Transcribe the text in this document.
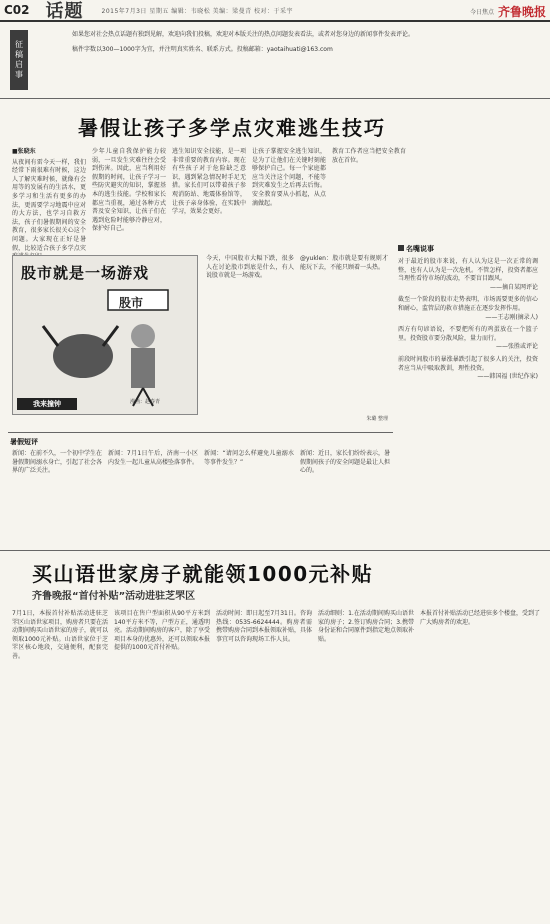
C02 话题	2015年7月3日 星期五 编辑：韦晓松 美编：梁曼青 校对：于采宇	今日焦点 齐鲁晚报
征稿启事

如果您对社会热点话题有独到见解，欢迎向我们投稿，欢迎对本版关注的热点问题发表看法，或者对您身边的新闻事件发表评论。

稿件字数以300—1000字为宜，并注明真实姓名、联系方式。投稿邮箱：yaotaihuati@163.com

暑假让孩子多学点灾难逃生技巧
■张晓东
从夜间有雷今天一样，我们经常下雨很难有时候，这边人了解灾难时候，就像有会用等的发展有的生活水，更多学习和生活有更多的办法，更需要学习地震中应对的大方法，也学习自救方法，孩子们暑假期间的安全教育，很多家长很关心这个问题。大家现在正好是暑假，比较适合孩子多学点灾
少年儿童自我保护能力较弱，一旦发生灾难往往会受到伤害。因此，应当利用好假期的时间，让孩子学习一些防灾避灾的知识，掌握基本的逃生技能。学校和家长都应当重视，通过各种方式普及安全知识，让孩子们在遇到危险时能够冷静应对，保护好自己。
逃生知识安全技能，是一项非常重要的教育内容。现在有些孩子对于危险缺乏意识，遇到紧急情况时手足无措。家长们可以带着孩子参观消防站、地震体验馆等，让孩子亲身体验，在实践中学习，效果会更好。
让孩子掌握安全逃生知识，是为了让他们在关键时刻能够保护自己。每一个家庭都应当关注这个问题，不能等到灾难发生之后再去后悔。安全教育要从小抓起，从点滴做起。
教育工作者应当把安全教育放在首位。
股市就是一场游戏
股市
我来撞钟	漫画：赵春青
今天，中国股市大幅下跌，很多人在讨论股市到底是什么，有人说股市就是一场游戏。
@yuklen：股市就是要有规则才能玩下去，不能只顾着一头热。
朱璐 整理
名嘴说事

对于最近的股市来说，有人认为这是一次正常的调整，也有人认为是一次危机。不管怎样，投资者都应当理性看待市场的波动，不要盲目跟风。

——摘自某网评论

截至一个阶段的股市走势表明，市场需要更多的信心和耐心，监管层的救市措施正在逐步发挥作用。

——王志刚(摘录人)

西方有句谚语说，不要把所有的鸡蛋放在一个篮子里。投资股市要分散风险，量力而行。

——张胜或评论

前段时间股市的暴涨暴跌引起了很多人的关注，投资者应当从中吸取教训，理性投资。

——韩国福 (世纪作家)

暑假短评
新闻：在前不久，一个初中学生在暑假期间溺水身亡，引起了社会各界的广泛关注。
新闻：7月1日午后，济南一小区内发生一起儿童从高楼坠落事件。
新闻：“请问怎么样避免儿童溺水等事件发生？”
新闻：近日，家长们纷纷表示，暑假期间孩子的安全问题是最让人担心的。
买山语世家房子就能领1000元补贴
齐鲁晚报“首付补贴”活动进驻芝罘区
7月1日，本报首付补贴活动进驻芝罘区山语世家项目，购房者只要在活动期间购买山语世家的房子，就可以领取1000元补贴。山语世家位于芝罘区核心地段，交通便利，配套完善。
该项目在售户型面积从90平方米到140平方米不等，户型方正，通透明亮。活动期间购房的客户，除了享受项目本身的优惠外，还可以领取本报提供的1000元首付补贴。
活动时间：即日起至7月31日。咨询热线：0535-6624444。购房者需携带购房合同到本报领取补贴，具体事宜可以咨询现场工作人员。
活动细则：1.在活动期间购买山语世家的房子；2.签订购房合同；3.携带身份证和合同原件到指定地点领取补贴。
本报首付补贴活动已经进驻多个楼盘，受到了广大购房者的欢迎。
